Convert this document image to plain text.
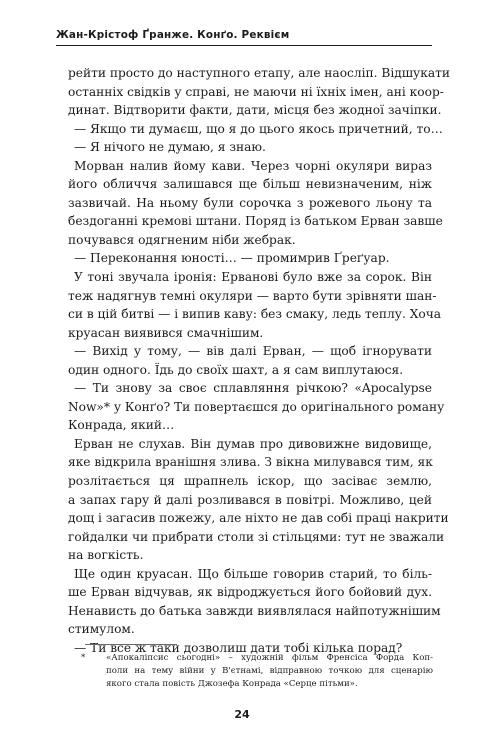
Жан-Крістоф Ґранже. Конґо. Реквієм
рейти просто до наступного етапу, але наосліп. Відшукати
останніх свідків у справі, не маючи ні їхніх імен, ані коор-
динат. Відтворити факти, дати, місця без жодної зачіпки.
— Якщо ти думаєш, що я до цього якось причетний, то…
— Я нічого не думаю, я знаю.
Морван налив йому кави. Через чорні окуляри вираз
його обличчя залишався ще більш невизначеним, ніж
зазвичай. На ньому були сорочка з рожевого льону та
бездоганні кремові штани. Поряд із батьком Ерван завше
почувався одягненим ніби жебрак.
— Переконання юності… — промимрив Ґреґуар.
У тоні звучала іронія: Ервановi було вже за сорок. Він
теж надягнув темні окуляри — варто бути зрівняти шан-
си в цій битві — і випив каву: без смаку, ледь теплу. Хоча
круасан виявився смачнішим.
— Вихід у тому, — вів далі Ерван, — щоб ігнорувати
один одного. Їдь до своїх шахт, а я сам виплутаюся.
— Ти знову за своє сплавляння річкою? «Apocalypse
Now»* у Конґо? Ти повертаєшся до оригінального роману
Конрада, який…
Ерван не слухав. Він думав про дивовижне видовище,
яке відкрила вранішня злива. З вікна милувався тим, як
розлітається ця шрапнель іскор, що засіває землю,
а запах гару й далі розливався в повітрі. Можливо, цей
дощ і загасив пожежу, але ніхто не дав собі праці накрити
гойдалки чи прибрати столи зі стільцями: тут не зважали
на вогкість.
Ще один круасан. Що більше говорив старий, то біль-
ше Ерван відчував, як відроджується його бойовий дух.
Ненависть до батька завжди виявлялася найпотужнішим
стимулом.
— Ти все ж таки дозволиш дати тобі кілька порад?
*	«Апокаліпсис сьогодні» – художній фільм Френсіса Форда Коп-
поли на тему війни у В'єтнамі, відправною точкою для сценарію
якого стала повість Джозефа Конрада «Серце пітьми».
24
